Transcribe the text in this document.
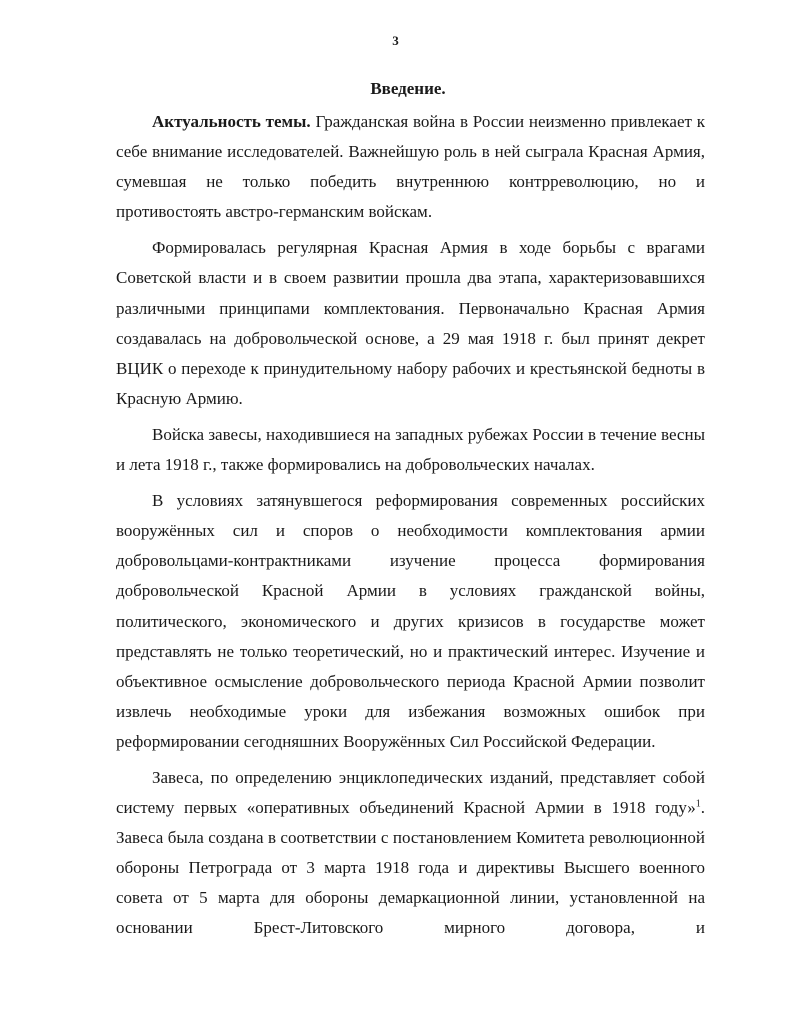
3
Введение.

Актуальность темы. Гражданская война в России неизменно привлекает к себе внимание исследователей. Важнейшую роль в ней сыграла Красная Армия, сумевшая не только победить внутреннюю контрреволюцию, но и противостоять австро-германским войскам.

Формировалась регулярная Красная Армия в ходе борьбы с врагами Советской власти и в своем развитии прошла два этапа, характеризовавшихся различными принципами комплектования. Первоначально Красная Армия создавалась на добровольческой основе, а 29 мая 1918 г. был принят декрет ВЦИК о переходе к принудительному набору рабочих и крестьянской бедноты в Красную Армию.

Войска завесы, находившиеся на западных рубежах России в течение весны и лета 1918 г., также формировались на добровольческих началах.

В условиях затянувшегося реформирования современных российских вооружённых сил и споров о необходимости комплектования армии добровольцами-контрактниками изучение процесса формирования добровольческой Красной Армии в условиях гражданской войны, политического, экономического и других кризисов в государстве может представлять не только теоретический, но и практический интерес. Изучение и объективное осмысление добровольческого периода Красной Армии позволит извлечь необходимые уроки для избежания возможных ошибок при реформировании сегодняшних Вооружённых Сил Российской Федерации.

Завеса, по определению энциклопедических изданий, представляет собой систему первых «оперативных объединений Красной Армии в 1918 году»$^1$. Завеса была создана в соответствии с постановлением Комитета революционной обороны Петрограда от 3 марта 1918 года и директивы Высшего военного совета от 5 марта для обороны демаркационной линии, установленной на основании Брест-Литовского мирного договора, и
